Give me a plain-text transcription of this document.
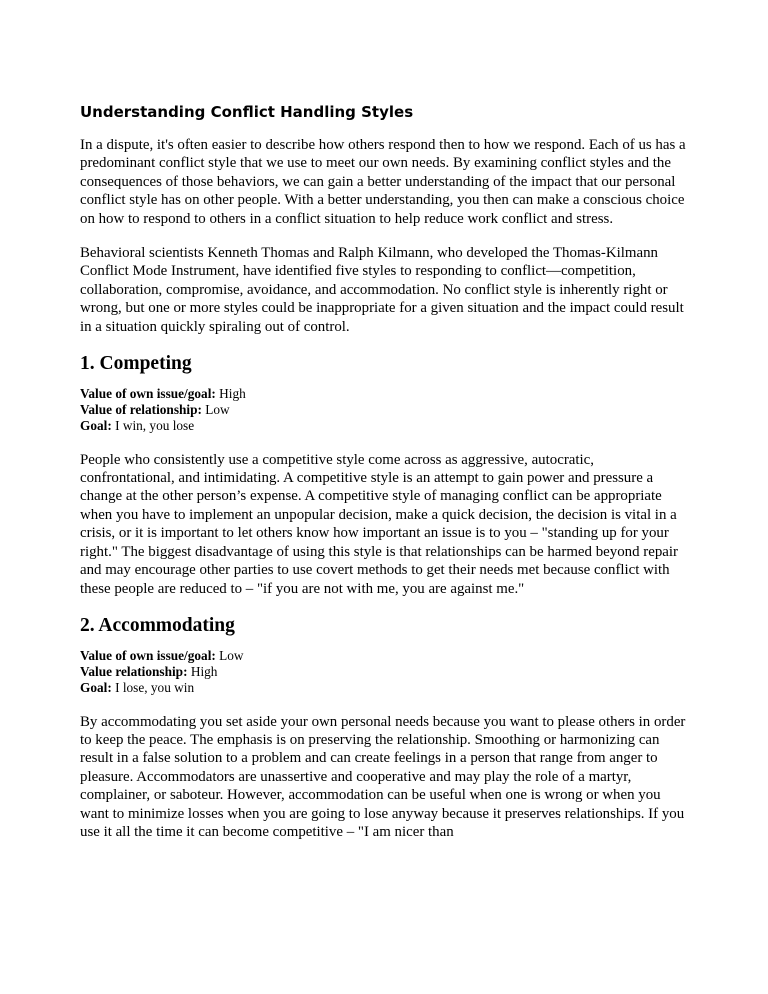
Understanding Conflict Handling Styles

In a dispute, it's often easier to describe how others respond then to how we respond. Each of us has a predominant conflict style that we use to meet our own needs. By examining conflict styles and the consequences of those behaviors, we can gain a better understanding of the impact that our personal conflict style has on other people. With a better understanding, you then can make a conscious choice on how to respond to others in a conflict situation to help reduce work conflict and stress.

Behavioral scientists Kenneth Thomas and Ralph Kilmann, who developed the Thomas-Kilmann Conflict Mode Instrument, have identified five styles to responding to conflict—competition, collaboration, compromise, avoidance, and accommodation. No conflict style is inherently right or wrong, but one or more styles could be inappropriate for a given situation and the impact could result in a situation quickly spiraling out of control.

1. Competing
Value of own issue/goal: High
Value of relationship: Low
Goal: I win, you lose

People who consistently use a competitive style come across as aggressive, autocratic, confrontational, and intimidating. A competitive style is an attempt to gain power and pressure a change at the other person’s expense. A competitive style of managing conflict can be appropriate when you have to implement an unpopular decision, make a quick decision, the decision is vital in a crisis, or it is important to let others know how important an issue is to you – "standing up for your right." The biggest disadvantage of using this style is that relationships can be harmed beyond repair and may encourage other parties to use covert methods to get their needs met because conflict with these people are reduced to – "if you are not with me, you are against me."

2. Accommodating
Value of own issue/goal: Low
Value relationship: High
Goal: I lose, you win

By accommodating you set aside your own personal needs because you want to please others in order to keep the peace. The emphasis is on preserving the relationship. Smoothing or harmonizing can result in a false solution to a problem and can create feelings in a person that range from anger to pleasure. Accommodators are unassertive and cooperative and may play the role of a martyr, complainer, or saboteur. However, accommodation can be useful when one is wrong or when you want to minimize losses when you are going to lose anyway because it preserves relationships. If you use it all the time it can become competitive – "I am nicer than
